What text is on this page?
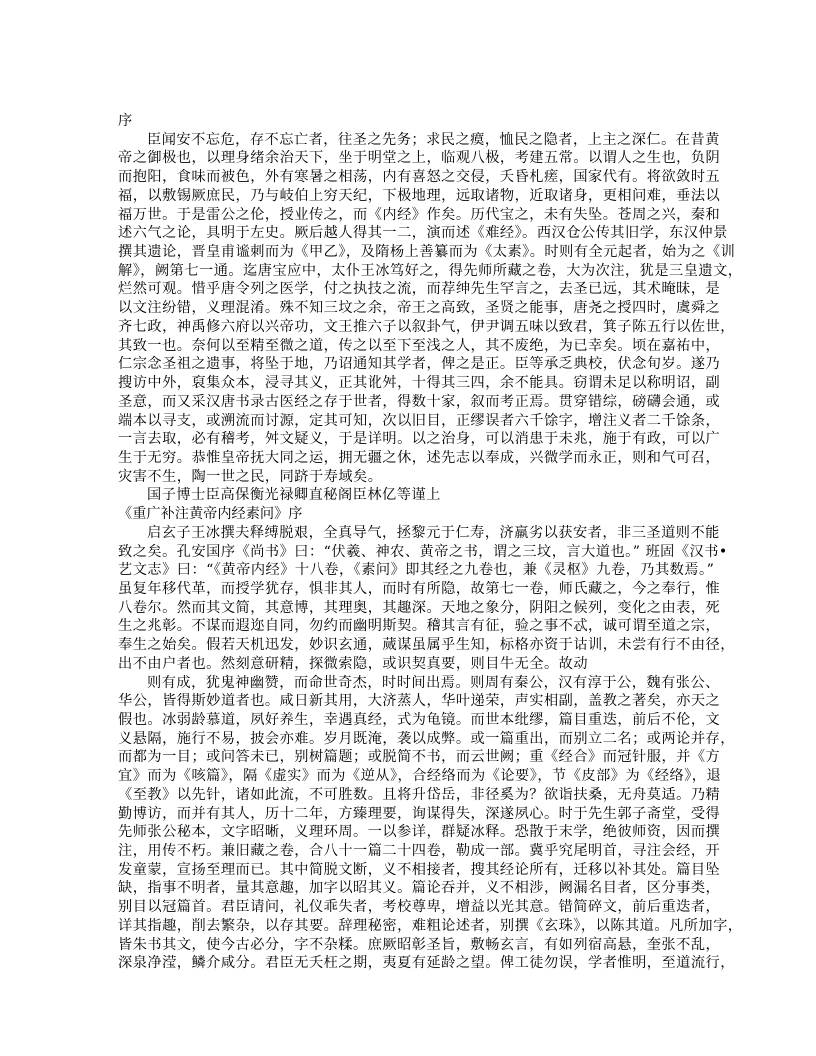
序
臣闻安不忘危，存不忘亡者，往圣之先务；求民之瘼，恤民之隐者，上主之深仁。在昔黄
帝之御极也，以理身绪余治天下，坐于明堂之上，临观八极，考建五常。以谓人之生也，负阴
而抱阳，食味而被色，外有寒暑之相荡，内有喜怒之交侵，夭昏札瘥，国家代有。将欲敛时五
福，以敷锡厥庶民，乃与岐伯上穷天纪，下极地理，远取诸物，近取诸身，更相问难，垂法以
福万世。于是雷公之伦，授业传之，而《内经》作矣。历代宝之，未有失坠。苍周之兴，秦和
述六气之论，具明于左史。厥后越人得其一二，演而述《难经》。西汉仓公传其旧学，东汉仲景
撰其遗论，晋皇甫谧刺而为《甲乙》，及隋杨上善纂而为《太素》。时则有全元起者，始为之《训
解》，阙第七一通。迄唐宝应中，太仆王冰笃好之，得先师所藏之卷，大为次注，犹是三皇遗文，
烂然可观。惜乎唐令列之医学，付之执技之流，而荐绅先生罕言之，去圣已远，其术晻昧，是
以文注纷错，义理混淆。殊不知三坟之余，帝王之高致，圣贤之能事，唐尧之授四时，虞舜之
齐七政，神禹修六府以兴帝功，文王推六子以叙卦气，伊尹调五味以致君，箕子陈五行以佐世，
其致一也。奈何以至精至微之道，传之以至下至浅之人，其不废绝，为已幸矣。顷在嘉祐中，
仁宗念圣祖之遗事，将坠于地，乃诏通知其学者，俾之是正。臣等承乏典校，伏念旬岁。遂乃
搜访中外，裒集众本，浸寻其义，正其讹舛，十得其三四，余不能具。窃谓未足以称明诏，副
圣意，而又采汉唐书录古医经之存于世者，得数十家，叙而考正焉。贯穿错综，磅礴会通，或
端本以寻支，或溯流而讨源，定其可知，次以旧目，正缪误者六千馀字，增注义者二千馀条，
一言去取，必有稽考，舛文疑义，于是详明。以之治身，可以消患于未兆，施于有政，可以广
生于无穷。恭惟皇帝抚大同之运，拥无疆之休，述先志以奉成，兴微学而永正，则和气可召，
灾害不生，陶一世之民，同跻于寿域矣。
国子博士臣高保衡光禄卿直秘阁臣林亿等谨上
《重广补注黄帝内经素问》序
启玄子王冰撰夫释缚脱艰，全真导气，拯黎元于仁寿，济羸劣以获安者，非三圣道则不能
致之矣。孔安国序《尚书》曰：“伏羲、神农、黄帝之书，谓之三坟，言大道也。” 班固《汉书•
艺文志》曰：“《黄帝内经》十八卷，《素问》即其经之九卷也，兼《灵枢》九卷，乃其数焉。”
虽复年移代革，而授学犹存，惧非其人，而时有所隐，故第七一卷，师氏藏之，今之奉行，惟
八卷尔。然而其文简，其意博，其理奥，其趣深。天地之象分，阴阳之候列，变化之由表，死
生之兆彰。不谋而遐迩自同，勿约而幽明斯契。稽其言有征，验之事不忒，诚可谓至道之宗，
奉生之始矣。假若天机迅发，妙识玄通，蒇谋虽属乎生知，标格亦资于诂训，未尝有行不由径，
出不由户者也。然刻意研精，探微索隐，或识契真要，则目牛无全。故动
则有成，犹鬼神幽赞，而命世奇杰，时时间出焉。则周有秦公，汉有淳于公，魏有张公、
华公，皆得斯妙道者也。咸日新其用，大济蒸人，华叶递荣，声实相副，盖教之著矣，亦天之
假也。冰弱龄慕道，夙好养生，幸遇真经，式为龟镜。而世本纰缪，篇目重迭，前后不伦，文
义悬隔，施行不易，披会亦难。岁月既淹，袭以成弊。或一篇重出，而别立二名；或两论并存，
而都为一目；或问答未已，别树篇题；或脱简不书，而云世阙；重《经合》而冠针服，并《方
宜》而为《咳篇》，隔《虚实》而为《逆从》，合经络而为《论要》，节《皮部》为《经络》，退
《至教》以先针，诸如此流，不可胜数。且将升岱岳，非径奚为？欲诣扶桑，无舟莫适。乃精
勤博访，而并有其人，历十二年，方臻理要，询谋得失，深遂夙心。时于先生郭子斋堂，受得
先师张公秘本，文字昭晰，义理环周。一以参详，群疑冰释。恐散于末学，绝彼师资，因而撰
注，用传不朽。兼旧藏之卷，合八十一篇二十四卷，勒成一部。冀乎究尾明首，寻注会经，开
发童蒙，宣扬至理而已。其中简脱文断，义不相接者，搜其经论所有，迁移以补其处。篇目坠
缺，指事不明者，量其意趣，加字以昭其义。篇论吞并，义不相涉，阙漏名目者，区分事类，
别目以冠篇首。君臣请问，礼仪乖失者，考校尊卑，增益以光其意。错简碎文，前后重迭者，
详其指趣，削去繁杂，以存其要。辞理秘密，难粗论述者，别撰《玄珠》，以陈其道。凡所加字，
皆朱书其文，使今古必分，字不杂糅。庶厥昭彰圣旨，敷畅玄言，有如列宿高悬，奎张不乱，
深泉净滢，鳞介咸分。君臣无夭枉之期，夷夏有延龄之望。俾工徒勿误，学者惟明，至道流行，
